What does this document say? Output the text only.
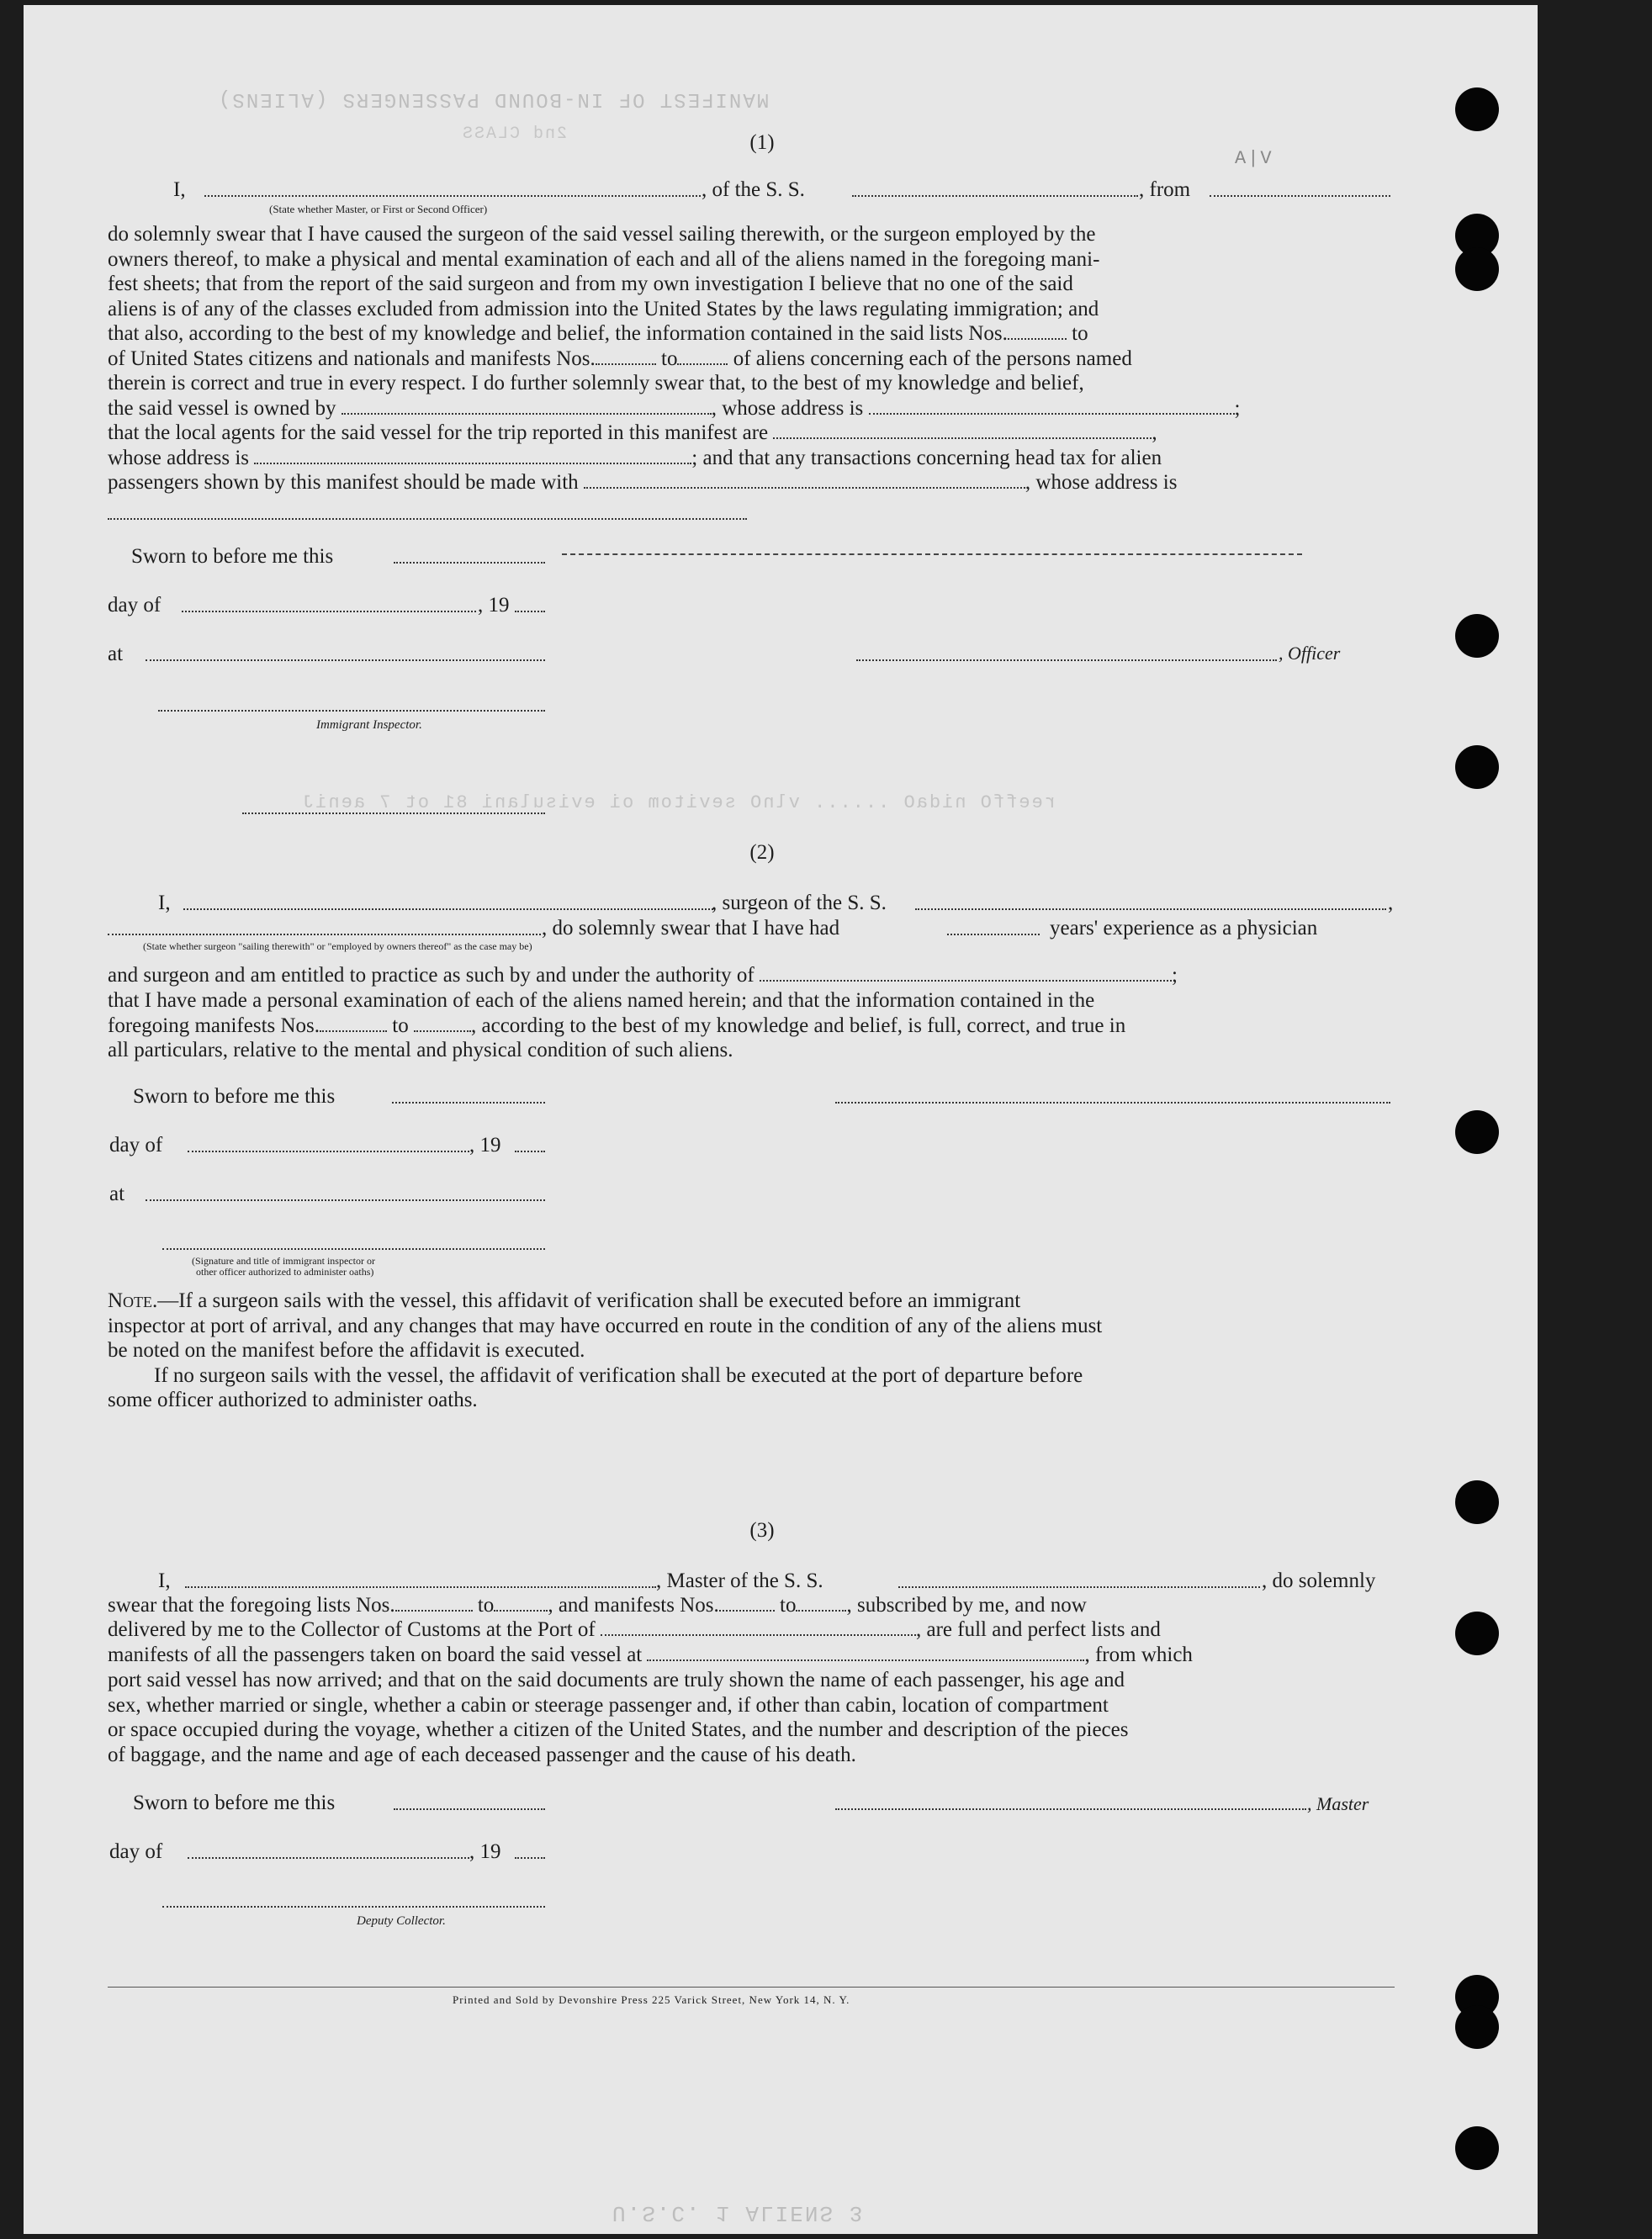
MANIFEST OF IN-BOUND PASSENGERS (ALIENS)
2nd CLASS
A|V
(1)
I,	, of the S. S.	, from
(State whether Master, or First or Second Officer)
do solemnly swear that I have caused the surgeon of the said vessel sailing therewith, or the surgeon employed by the
owners thereof, to make a physical and mental examination of each and all of the aliens named in the foregoing mani-
fest sheets; that from the report of the said surgeon and from my own investigation I believe that no one of the said
aliens is of any of the classes excluded from admission into the United States by the laws regulating immigration; and
that also, according to the best of my knowledge and belief, the information contained in the said lists Nos.	to
of United States citizens and nationals and manifests Nos.	to	of aliens concerning each of the persons named
therein is correct and true in every respect. I do further solemnly swear that, to the best of my knowledge and belief,
the said vessel is owned by	, whose address is	;
that the local agents for the said vessel for the trip reported in this manifest are	,
whose address is	; and that any transactions concerning head tax for alien
passengers shown by this manifest should be made with	, whose address is
Sworn to before me this
day of	, 19
at	, Officer
Immigrant Inspector.
reeffO nidaO ...... vlnO sevitom oi evisulani 81 ot 7 aeniJ
(2)
I,	, surgeon of the S. S.	,
, do solemnly swear that I have had	years' experience as a physician
(State whether surgeon "sailing therewith" or "employed by owners thereof" as the case may be)
and surgeon and am entitled to practice as such by and under the authority of	;
that I have made a personal examination of each of the aliens named herein; and that the information contained in the
foregoing manifests Nos.	to	, according to the best of my knowledge and belief, is full, correct, and true in
all particulars, relative to the mental and physical condition of such aliens.
Sworn to before me this
day of	, 19
at
(Signature and title of immigrant inspector or
other officer authorized to administer oaths)
Note.—If a surgeon sails with the vessel, this affidavit of verification shall be executed before an immigrant
inspector at port of arrival, and any changes that may have occurred en route in the condition of any of the aliens must
be noted on the manifest before the affidavit is executed.
If no surgeon sails with the vessel, the affidavit of verification shall be executed at the port of departure before
some officer authorized to administer oaths.
(3)
I,	, Master of the S. S.	, do solemnly
swear that the foregoing lists Nos.	to	, and manifests Nos.	to , subscribed by me, and now
delivered by me to the Collector of Customs at the Port of	, are full and perfect lists and
manifests of all the passengers taken on board the said vessel at	, from which
port said vessel has now arrived; and that on the said documents are truly shown the name of each passenger, his age and
sex, whether married or single, whether a cabin or steerage passenger and, if other than cabin, location of compartment
or space occupied during the voyage, whether a citizen of the United States, and the number and description of the pieces
of baggage, and the name and age of each deceased passenger and the cause of his death.
Sworn to before me this	, Master
day of	, 19
Deputy Collector.
Printed and Sold by Devonshire Press 225 Varick Street, New York 14, N. Y.
U.S.C. 1 ALIENS 3
